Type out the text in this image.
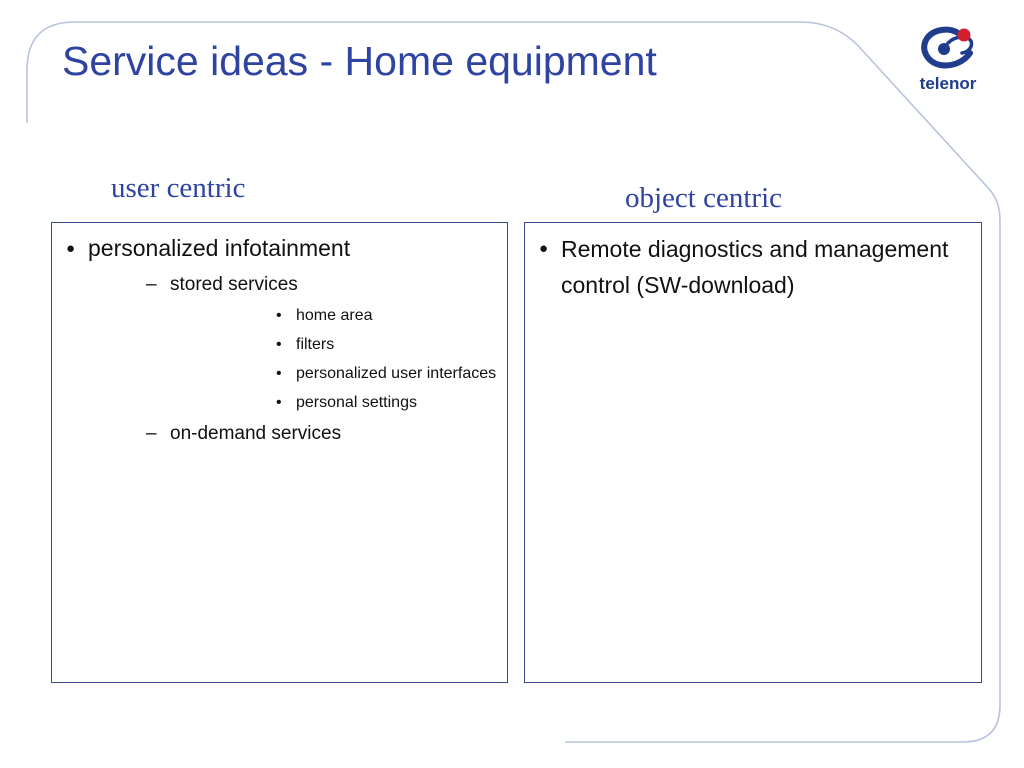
Service ideas - Home equipment	telenor
user centric	object centric
● personalized infotainment
– stored services
• home area
• filters
• personalized user interfaces
• personal settings
– on-demand services
● Remote diagnostics and management control (SW-download)
